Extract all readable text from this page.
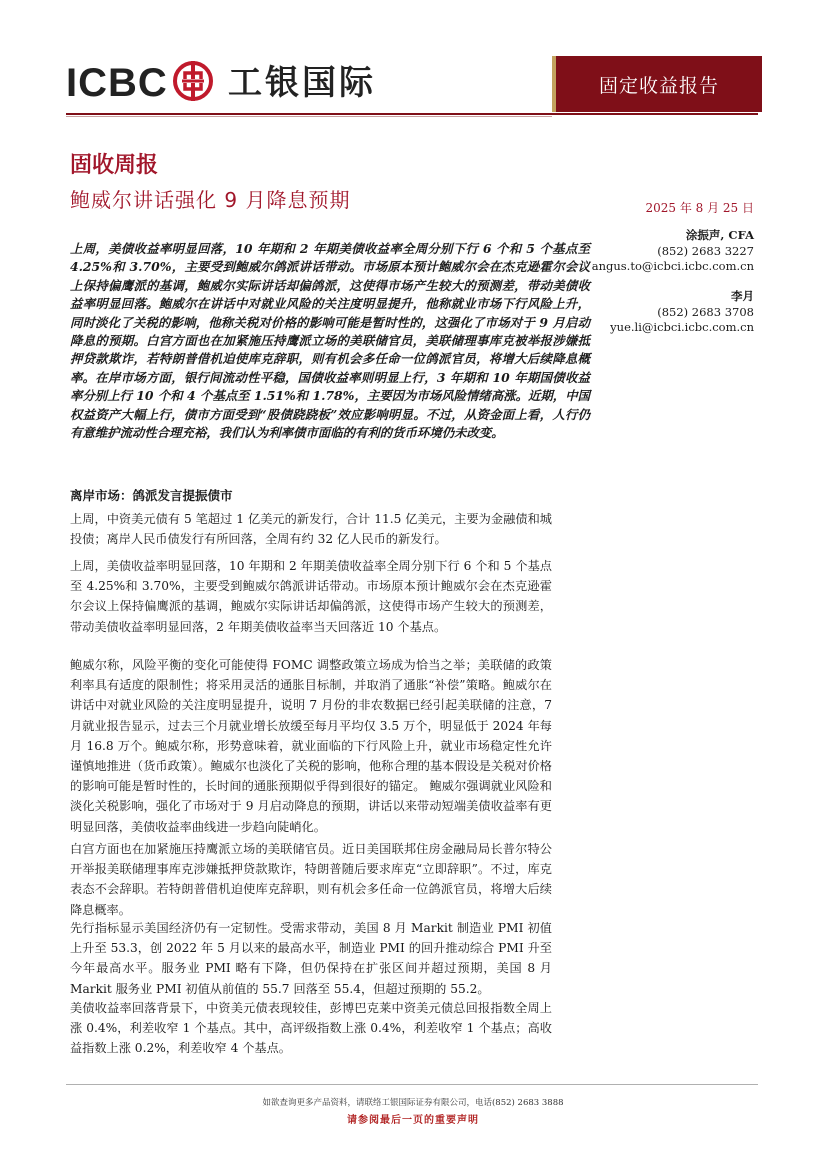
ICBC 工银国际	固定收益报告
固收周报
鲍威尔讲话强化 9 月降息预期	2025 年 8 月 25 日
涂振声, CFA
(852) 2683 3227
angus.to@icbci.icbc.com.cn
李月
(852) 2683 3708
yue.li@icbci.icbc.com.cn
上周，美债收益率明显回落，10 年期和 2 年期美债收益率全周分别下行 6 个和 5 个基点至 4.25%和 3.70%，主要受到鲍威尔鸽派讲话带动。市场原本预计鲍威尔会在杰克逊霍尔会议上保持偏鹰派的基调，鲍威尔实际讲话却偏鸽派，这使得市场产生较大的预测差，带动美债收益率明显回落。鲍威尔在讲话中对就业风险的关注度明显提升，他称就业市场下行风险上升，同时淡化了关税的影响，他称关税对价格的影响可能是暂时性的，这强化了市场对于 9 月启动降息的预期。白宫方面也在加紧施压持鹰派立场的美联储官员，美联储理事库克被举报涉嫌抵押贷款欺诈，若特朗普借机迫使库克辞职，则有机会多任命一位鸽派官员，将增大后续降息概率。在岸市场方面，银行间流动性平稳，国债收益率则明显上行，3 年期和 10 年期国债收益率分别上行 10 个和 4 个基点至 1.51%和 1.78%，主要因为市场风险情绪高涨。近期，中国权益资产大幅上行，债市方面受到“股债跷跷板”效应影响明显。不过，从资金面上看，人行仍有意维护流动性合理充裕，我们认为利率债市面临的有利的货币环境仍未改变。
离岸市场：鸽派发言提振债市
上周，中资美元债有 5 笔超过 1 亿美元的新发行，合计 11.5 亿美元，主要为金融债和城投债；离岸人民币债发行有所回落，全周有约 32 亿人民币的新发行。
上周，美债收益率明显回落，10 年期和 2 年期美债收益率全周分别下行 6 个和 5 个基点至 4.25%和 3.70%，主要受到鲍威尔鸽派讲话带动。市场原本预计鲍威尔会在杰克逊霍尔会议上保持偏鹰派的基调，鲍威尔实际讲话却偏鸽派，这使得市场产生较大的预测差，带动美债收益率明显回落，2 年期美债收益率当天回落近 10 个基点。
鲍威尔称，风险平衡的变化可能使得 FOMC 调整政策立场成为恰当之举；美联储的政策利率具有适度的限制性；将采用灵活的通胀目标制，并取消了通胀“补偿”策略。鲍威尔在讲话中对就业风险的关注度明显提升，说明 7 月份的非农数据已经引起美联储的注意，7 月就业报告显示，过去三个月就业增长放缓至每月平均仅 3.5 万个，明显低于 2024 年每月 16.8 万个。鲍威尔称，形势意味着，就业面临的下行风险上升，就业市场稳定性允许谨慎地推进（货币政策）。鲍威尔也淡化了关税的影响，他称合理的基本假设是关税对价格的影响可能是暂时性的，长时间的通胀预期似乎得到很好的锚定。 鲍威尔强调就业风险和淡化关税影响，强化了市场对于 9 月启动降息的预期，讲话以来带动短端美债收益率有更明显回落，美债收益率曲线进一步趋向陡峭化。
白宫方面也在加紧施压持鹰派立场的美联储官员。近日美国联邦住房金融局局长普尔特公开举报美联储理事库克涉嫌抵押贷款欺诈，特朗普随后要求库克“立即辞职”。不过，库克表态不会辞职。若特朗普借机迫使库克辞职，则有机会多任命一位鸽派官员，将增大后续降息概率。
先行指标显示美国经济仍有一定韧性。受需求带动，美国 8 月 Markit 制造业 PMI 初值上升至 53.3，创 2022 年 5 月以来的最高水平，制造业 PMI 的回升推动综合 PMI 升至今年最高水平。服务业 PMI 略有下降，但仍保持在扩张区间并超过预期，美国 8 月 Markit 服务业 PMI 初值从前值的 55.7 回落至 55.4，但超过预期的 55.2。
美债收益率回落背景下，中资美元债表现较佳，彭博巴克莱中资美元债总回报指数全周上涨 0.4%，利差收窄 1 个基点。其中，高评级指数上涨 0.4%，利差收窄 1 个基点；高收益指数上涨 0.2%，利差收窄 4 个基点。
如欲查询更多产品资料，请联络工银国际证券有限公司，电话(852) 2683 3888
请参阅最后一页的重要声明
